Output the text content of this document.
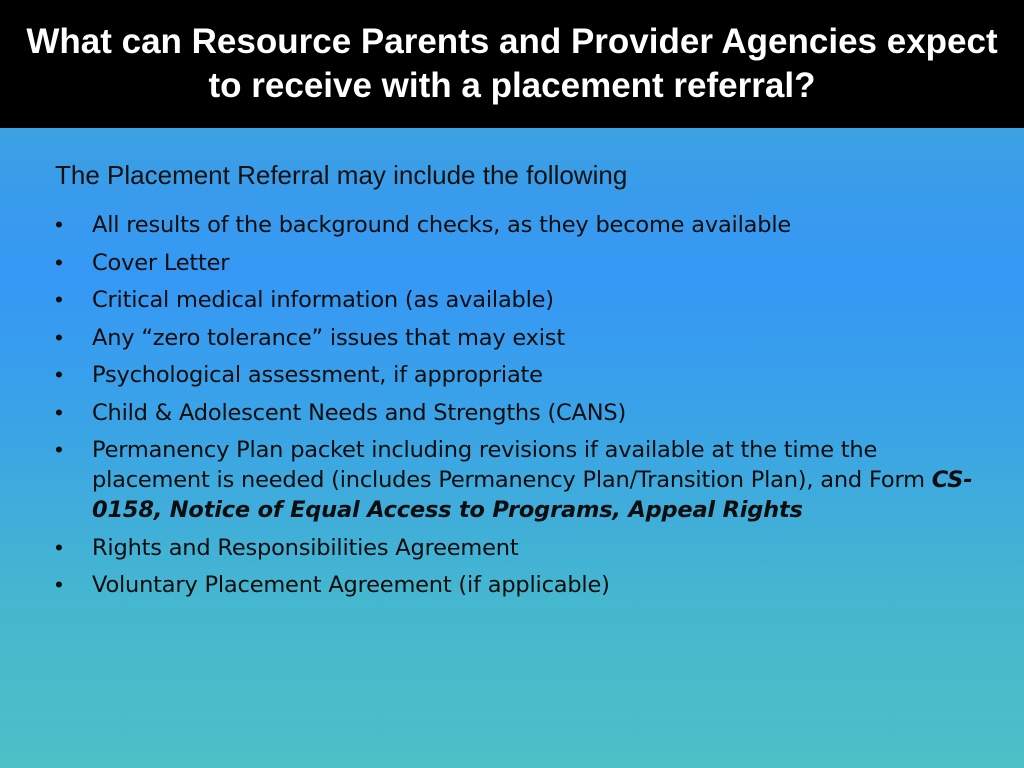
What can Resource Parents and Provider Agencies expect to receive with a placement referral?

The Placement Referral may include the following

• All results of the background checks, as they become available
• Cover Letter
• Critical medical information (as available)
• Any “zero tolerance” issues that may exist
• Psychological assessment, if appropriate
• Child & Adolescent Needs and Strengths (CANS)
• Permanency Plan packet including revisions if available at the time the placement is needed (includes Permanency Plan/Transition Plan), and Form CS-0158, Notice of Equal Access to Programs, Appeal Rights
• Rights and Responsibilities Agreement
• Voluntary Placement Agreement (if applicable)
